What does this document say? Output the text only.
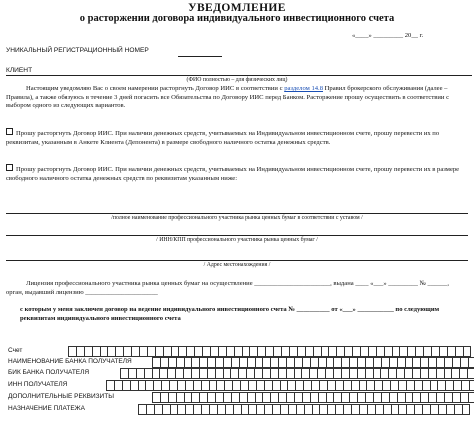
УВЕДОМЛЕНИЕ
о расторжении договора индивидуального инвестиционного счета
«____» _________ 20__ г.
УНИКАЛЬНЫЙ РЕГИСТРАЦИОННЫЙ НОМЕР
КЛИЕНТ
(ФИО полностью – для физических лиц)
Настоящим уведомляю Вас о своем намерении расторгнуть Договор ИИС в соответствии с разделом 14.8 Правил брокерского обслуживания (далее – Правила), а также обязуюсь в течение 3 дней погасить все Обязательства по Договору ИИС перед Банком. Расторжение прошу осуществить в соответствии с выбором одного из следующих вариантов.
Прошу расторгнуть Договор ИИС. При наличии денежных средств, учитываемых на Индивидуальном инвестиционном счете, прошу перевести их по реквизитам, указанным в Анкете Клиента (Депонента) в размере свободного наличного остатка денежных средств.
Прошу расторгнуть Договор ИИС. При наличии денежных средств, учитываемых на Индивидуальном инвестиционном счете, прошу перевести их в размере свободного наличного остатка денежных средств по реквизитам указанным ниже:
/полное наименование профессионального участника рынка ценных бумаг в соответствии с уставом /
/ ИНН/КПП профессионального участника рынка ценных бумаг /
/ Адрес местонахождения /
Лицензия профессионального участника рынка ценных бумаг на осуществление _______________________, выдана ____ «___» _________ № ______, орган, выдавший лицензию ______________________
с которым у меня заключен договор на ведение индивидуального инвестиционного счета № __________ от «___» ___________ по следующим реквизитам индивидуального инвестиционного счета
Счет
НАИМЕНОВАНИЕ БАНКА ПОЛУЧАТЕЛЯ
БИК БАНКА ПОЛУЧАТЕЛЯ
ИНН ПОЛУЧАТЕЛЯ
ДОПОЛНИТЕЛЬНЫЕ РЕКВИЗИТЫ
НАЗНАЧЕНИЕ ПЛАТЕЖА
